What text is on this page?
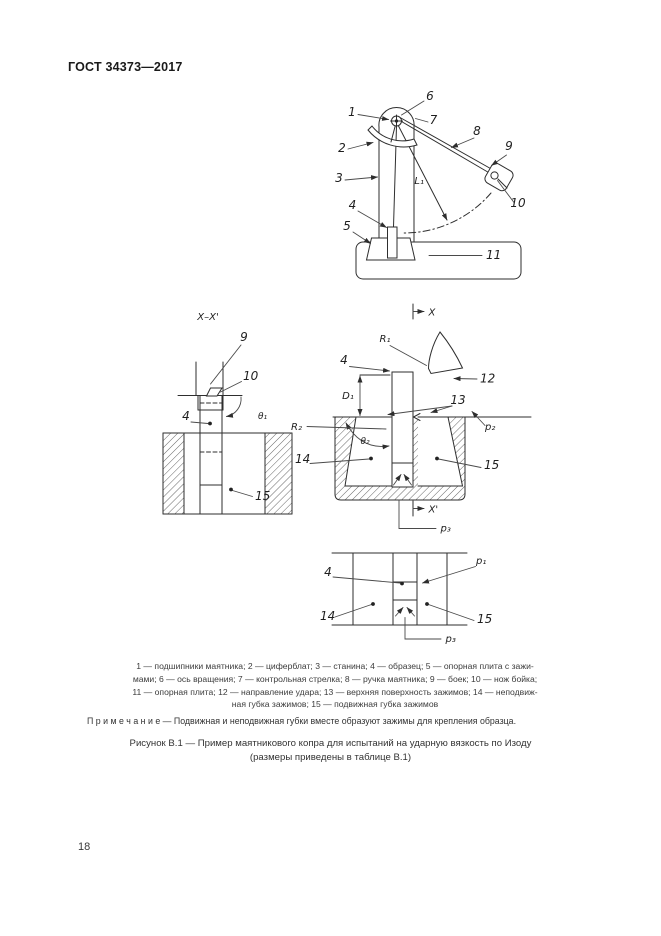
ГОСТ 34373—2017
1
6
7
2
3
8
9
10
4
5
11
L₁
X–X'
9
10
4
15
θ₁
X
X'
R₁
R₂
D₁
θ₂
4
12
13
14	15
p₂
p₃
4
p₁
14	15
p₃
1 — подшипники маятника; 2 — циферблат; 3 — станина; 4 — образец; 5 — опорная плита с зажи-
мами; 6 — ось вращения; 7 — контрольная стрелка; 8 — ручка маятника; 9 — боек; 10 — нож бойка;
11 — опорная плита; 12 — направление удара; 13 — верхняя поверхность зажимов; 14 — неподвиж-
ная губка зажимов; 15 — подвижная губка зажимов
П р и м е ч а н и е — Подвижная и неподвижная губки вместе образуют зажимы для крепления образца.
Рисунок В.1 — Пример маятникового копра для испытаний на ударную вязкость по Изоду
(размеры приведены в таблице В.1)
18
